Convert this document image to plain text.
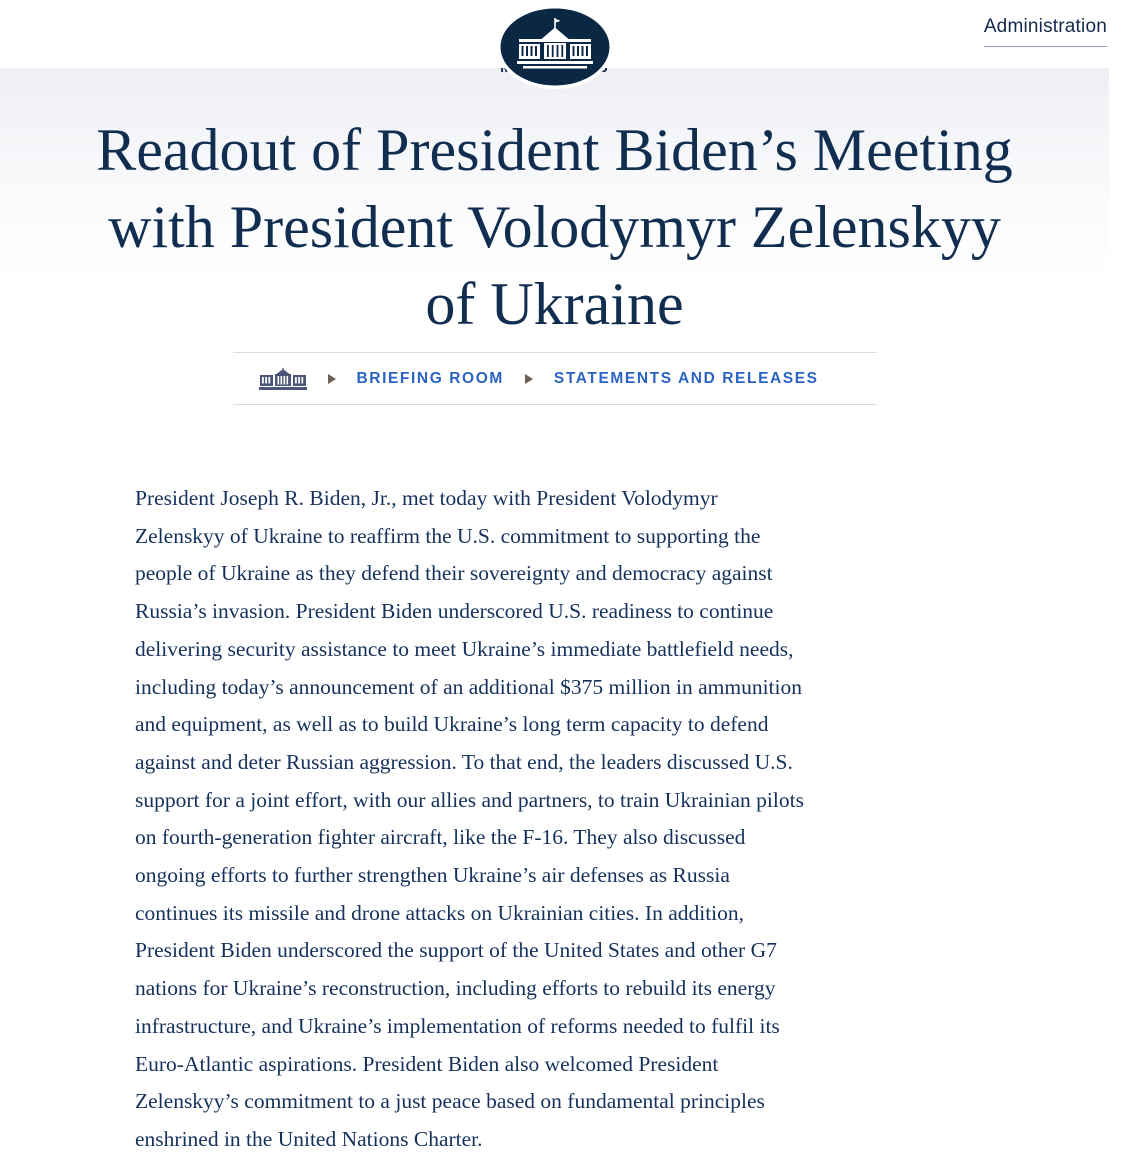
Administration
Readout of President Biden’s Meeting
with President Volodymyr Zelenskyy
of Ukraine
BRIEFING ROOM	STATEMENTS AND RELEASES
President Joseph R. Biden, Jr., met today with President Volodymyr
Zelenskyy of Ukraine to reaffirm the U.S. commitment to supporting the
people of Ukraine as they defend their sovereignty and democracy against
Russia’s invasion. President Biden underscored U.S. readiness to continue
delivering security assistance to meet Ukraine’s immediate battlefield needs,
including today’s announcement of an additional $375 million in ammunition
and equipment, as well as to build Ukraine’s long term capacity to defend
against and deter Russian aggression. To that end, the leaders discussed U.S.
support for a joint effort, with our allies and partners, to train Ukrainian pilots
on fourth-generation fighter aircraft, like the F-16. They also discussed
ongoing efforts to further strengthen Ukraine’s air defenses as Russia
continues its missile and drone attacks on Ukrainian cities. In addition,
President Biden underscored the support of the United States and other G7
nations for Ukraine’s reconstruction, including efforts to rebuild its energy
infrastructure, and Ukraine’s implementation of reforms needed to fulfil its
Euro-Atlantic aspirations. President Biden also welcomed President
Zelenskyy’s commitment to a just peace based on fundamental principles
enshrined in the United Nations Charter.
